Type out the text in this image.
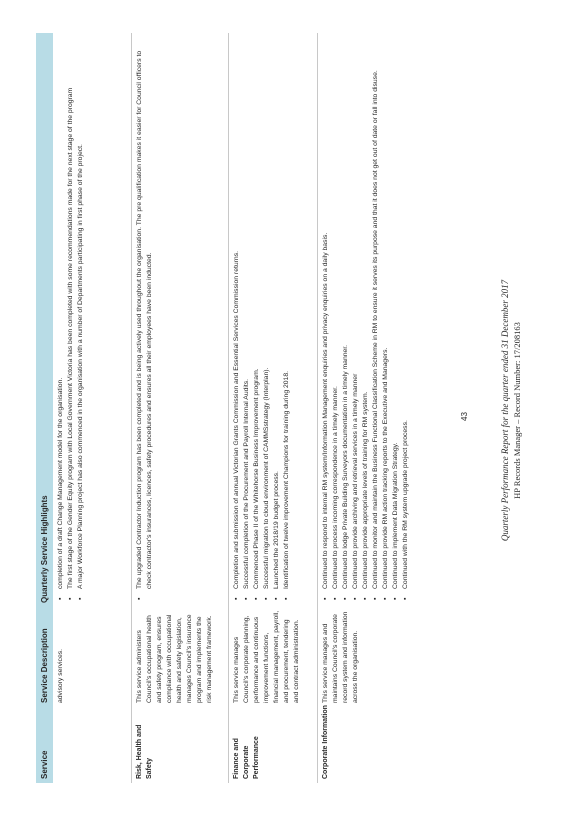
Service
Service Description
Quarterly Service Highlights
advisory services.
▪ completion of a draft Change Management model for the organisation. ▪ The first stage of the Gender Equity program with Local Government Victoria has been completed with some recommendations made for the next stage of the program ▪ A major Workforce Planning project has also commenced in the organisation with a number of Departments participating in first phase of the project.
Risk, Health and Safety
This service administers Council's occupational health and safety program, ensures compliance with occupational health and safety legislation, manages Council's insurance program and implements the risk management framework.
▪ The upgraded Contractor Induction program has been completed and is being actively used throughout the organisation. The pre qualification makes it easier for Council officers to check contractor's insurances, licences, safety procedures and ensures all their employees have been inducted.
Finance and Corporate Performance
This service manages Council's corporate planning, performance and continuous improvement functions, financial management, payroll, and procurement, tendering and contract administration.
▪ Completion and submission of annual Victorian Grants Commission and Essential Services Commission returns. ▪ Successful completion of the Procurement and Payroll Internal Audits. ▪ Commenced Phase II of the Whitehorse Business Improvement program. ▪ Successful migration to cloud environment of CAMMSstrategy (Interplan). ▪ Launched the 2018/19 budget process. ▪ Identification of twelve improvement Champions for training during 2018.
Corporate Information
This service manages and maintains Council's corporate record system and information across the organisation.
▪ Continued to respond to internal RM system/Information Management enquiries and privacy enquiries on a daily basis. ▪ Continued to process incoming correspondence in a timely manner. ▪ Continued to lodge Private Building Surveyors documentation in a timely manner. ▪ Continued to provide archiving and retrieval services in a timely manner ▪ Continued to provide appropriate levels of training for RM system. ▪ Continued to monitor and maintain the Business Functional Classification Scheme in RM to ensure it serves its purpose and that it does not get out of date or fall into disuse. ▪ Continued to provide RM action tracking reports to the Executive and Managers. ▪ Continued to implement Data Migration Strategy. ▪ Continued with the RM system upgrade project process.
43	Quarterly Performance Report for the quarter ended 31 December 2017 HP Records Manager – Record Number: 17/208163
